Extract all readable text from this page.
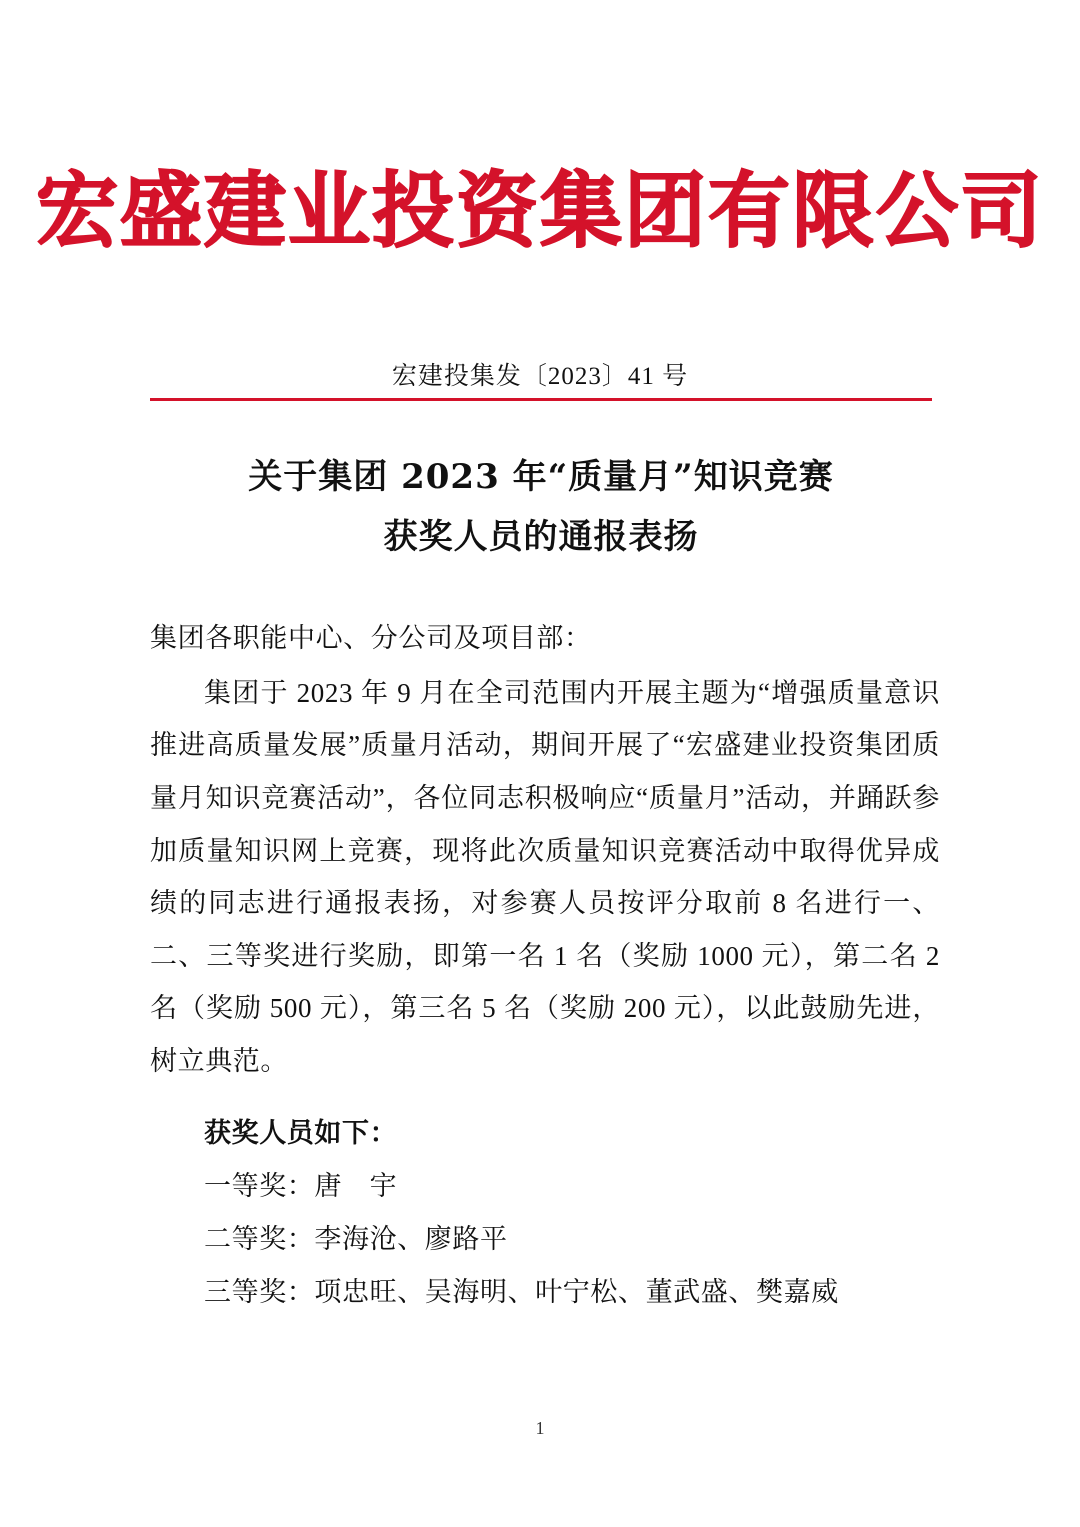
宏盛建业投资集团有限公司
宏建投集发〔2023〕41 号
关于集团 2023 年“质量月”知识竞赛
获奖人员的通报表扬

集团各职能中心、分公司及项目部：

集团于 2023 年 9 月在全司范围内开展主题为“增强质量意识 推进高质量发展”质量月活动，期间开展了“宏盛建业投资集团质量月知识竞赛活动”，各位同志积极响应“质量月”活动，并踊跃参加质量知识网上竞赛，现将此次质量知识竞赛活动中取得优异成绩的同志进行通报表扬，对参赛人员按评分取前 8 名进行一、二、三等奖进行奖励，即第一名 1 名（奖励 1000 元），第二名 2 名（奖励 500 元），第三名 5 名（奖励 200 元），以此鼓励先进，树立典范。

获奖人员如下：

一等奖：唐　宇

二等奖：李海沧、廖路平

三等奖：项忠旺、吴海明、叶宁松、董武盛、樊嘉威

1
